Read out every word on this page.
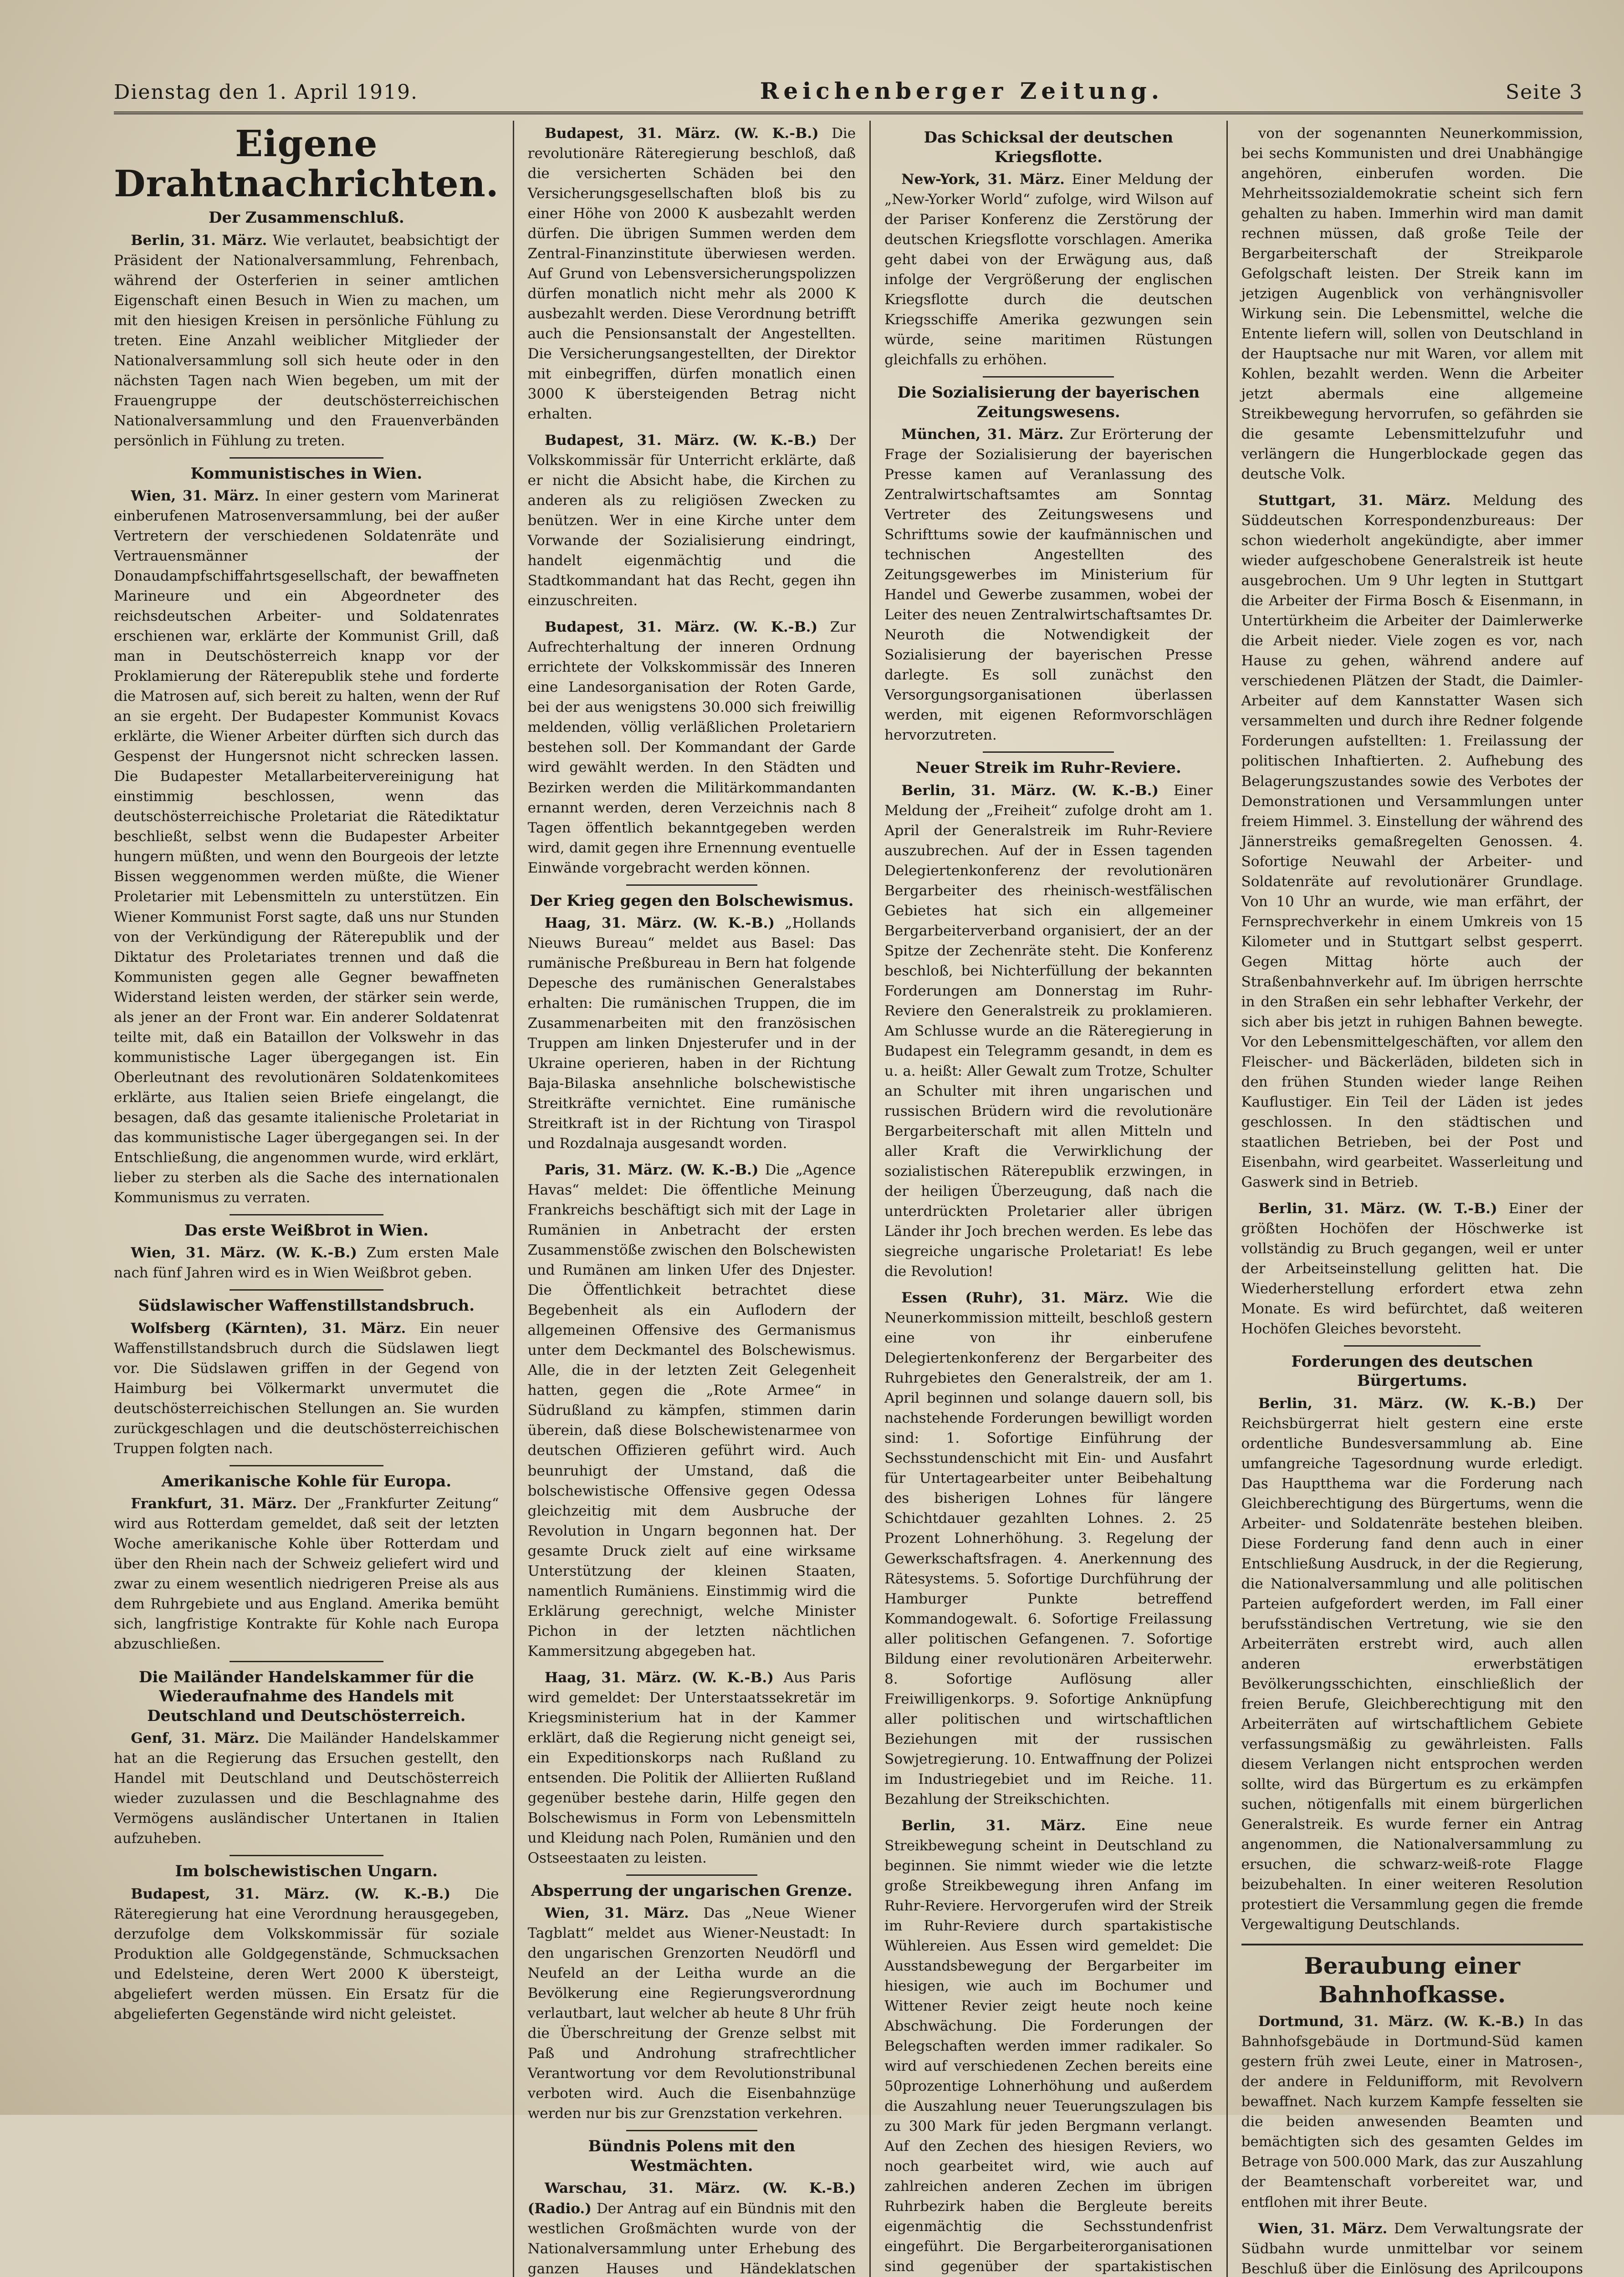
Dienstag den 1. April 1919.	Reichenberger Zeitung.	Seite 3
Eigene Drahtnachrichten.
Der Zusammenschluß.

Berlin, 31. März. Wie verlautet, beabsichtigt der Präsident der Nationalversammlung, Fehrenbach, während der Osterferien in seiner amtlichen Eigenschaft einen Besuch in Wien zu machen, um mit den hiesigen Kreisen in persönliche Fühlung zu treten. Eine Anzahl weiblicher Mitglieder der Nationalversammlung soll sich heute oder in den nächsten Tagen nach Wien begeben, um mit der Frauengruppe der deutschösterreichischen Nationalversammlung und den Frauenverbänden persönlich in Fühlung zu treten.

Kommunistisches in Wien.

Wien, 31. März. In einer gestern vom Marinerat einberufenen Matrosenversammlung, bei der außer Vertretern der verschiedenen Soldatenräte und Vertrauensmänner der Donaudampfschiffahrtsgesellschaft, der bewaffneten Marineure und ein Abgeordneter des reichsdeutschen Arbeiter- und Soldatenrates erschienen war, erklärte der Kommunist Grill, daß man in Deutschösterreich knapp vor der Proklamierung der Räterepublik stehe und forderte die Matrosen auf, sich bereit zu halten, wenn der Ruf an sie ergeht. Der Budapester Kommunist Kovacs erklärte, die Wiener Arbeiter dürften sich durch das Gespenst der Hungersnot nicht schrecken lassen. Die Budapester Metallarbeitervereinigung hat einstimmig beschlossen, wenn das deutschösterreichische Proletariat die Rätediktatur beschließt, selbst wenn die Budapester Arbeiter hungern müßten, und wenn den Bourgeois der letzte Bissen weggenommen werden müßte, die Wiener Proletarier mit Lebensmitteln zu unterstützen. Ein Wiener Kommunist Forst sagte, daß uns nur Stunden von der Verkündigung der Räterepublik und der Diktatur des Proletariates trennen und daß die Kommunisten gegen alle Gegner bewaffneten Widerstand leisten werden, der stärker sein werde, als jener an der Front war. Ein anderer Soldatenrat teilte mit, daß ein Bataillon der Volkswehr in das kommunistische Lager übergegangen ist. Ein Oberleutnant des revolutionären Soldatenkomitees erklärte, aus Italien seien Briefe eingelangt, die besagen, daß das gesamte italienische Proletariat in das kommunistische Lager übergegangen sei. In der Entschließung, die angenommen wurde, wird erklärt, lieber zu sterben als die Sache des internationalen Kommunismus zu verraten.

Das erste Weißbrot in Wien.

Wien, 31. März. (W. K.-B.) Zum ersten Male nach fünf Jahren wird es in Wien Weißbrot geben.

Südslawischer Waffenstillstandsbruch.

Wolfsberg (Kärnten), 31. März. Ein neuer Waffenstillstandsbruch durch die Südslawen liegt vor. Die Südslawen griffen in der Gegend von Haimburg bei Völkermarkt unvermutet die deutschösterreichischen Stellungen an. Sie wurden zurückgeschlagen und die deutschösterreichischen Truppen folgten nach.

Amerikanische Kohle für Europa.

Frankfurt, 31. März. Der „Frankfurter Zeitung“ wird aus Rotterdam gemeldet, daß seit der letzten Woche amerikanische Kohle über Rotterdam und über den Rhein nach der Schweiz geliefert wird und zwar zu einem wesentlich niedrigeren Preise als aus dem Ruhrgebiete und aus England. Amerika bemüht sich, langfristige Kontrakte für Kohle nach Europa abzuschließen.

Die Mailänder Handelskammer für die Wiederaufnahme des Handels mit Deutschland und Deutschösterreich.

Genf, 31. März. Die Mailänder Handelskammer hat an die Regierung das Ersuchen gestellt, den Handel mit Deutschland und Deutschösterreich wieder zuzulassen und die Beschlagnahme des Vermögens ausländischer Untertanen in Italien aufzuheben.

Im bolschewistischen Ungarn.

Budapest, 31. März. (W. K.-B.) Die Räteregierung hat eine Verordnung herausgegeben, derzufolge dem Volkskommissär für soziale Produktion alle Goldgegenstände, Schmucksachen und Edelsteine, deren Wert 2000 K übersteigt, abgeliefert werden müssen. Ein Ersatz für die abgelieferten Gegenstände wird nicht geleistet.

Budapest, 31. März. (W. K.-B.) Die revolutionäre Räteregierung beschloß, daß die versicherten Schäden bei den Versicherungsgesellschaften bloß bis zu einer Höhe von 2000 K ausbezahlt werden dürfen. Die übrigen Summen werden dem Zentral-Finanzinstitute überwiesen werden. Auf Grund von Lebensversicherungspolizzen dürfen monatlich nicht mehr als 2000 K ausbezahlt werden. Diese Verordnung betrifft auch die Pensionsanstalt der Angestellten. Die Versicherungsangestellten, der Direktor mit einbegriffen, dürfen monatlich einen 3000 K übersteigenden Betrag nicht erhalten.

Budapest, 31. März. (W. K.-B.) Der Volkskommissär für Unterricht erklärte, daß er nicht die Absicht habe, die Kirchen zu anderen als zu religiösen Zwecken zu benützen. Wer in eine Kirche unter dem Vorwande der Sozialisierung eindringt, handelt eigenmächtig und die Stadtkommandant hat das Recht, gegen ihn einzuschreiten.

Budapest, 31. März. (W. K.-B.) Zur Aufrechterhaltung der inneren Ordnung errichtete der Volkskommissär des Inneren eine Landesorganisation der Roten Garde, bei der aus wenigstens 30.000 sich freiwillig meldenden, völlig verläßlichen Proletariern bestehen soll. Der Kommandant der Garde wird gewählt werden. In den Städten und Bezirken werden die Militärkommandanten ernannt werden, deren Verzeichnis nach 8 Tagen öffentlich bekanntgegeben werden wird, damit gegen ihre Ernennung eventuelle Einwände vorgebracht werden können.

Der Krieg gegen den Bolschewismus.

Haag, 31. März. (W. K.-B.) „Hollands Nieuws Bureau“ meldet aus Basel: Das rumänische Preßbureau in Bern hat folgende Depesche des rumänischen Generalstabes erhalten: Die rumänischen Truppen, die im Zusammenarbeiten mit den französischen Truppen am linken Dnjesterufer und in der Ukraine operieren, haben in der Richtung Baja-Bilaska ansehnliche bolschewistische Streitkräfte vernichtet. Eine rumänische Streitkraft ist in der Richtung von Tiraspol und Rozdalnaja ausgesandt worden.

Paris, 31. März. (W. K.-B.) Die „Agence Havas“ meldet: Die öffentliche Meinung Frankreichs beschäftigt sich mit der Lage in Rumänien in Anbetracht der ersten Zusammenstöße zwischen den Bolschewisten und Rumänen am linken Ufer des Dnjester. Die Öffentlichkeit betrachtet diese Begebenheit als ein Auflodern der allgemeinen Offensive des Germanismus unter dem Deckmantel des Bolschewismus. Alle, die in der letzten Zeit Gelegenheit hatten, gegen die „Rote Armee“ in Südrußland zu kämpfen, stimmen darin überein, daß diese Bolschewistenarmee von deutschen Offizieren geführt wird. Auch beunruhigt der Umstand, daß die bolschewistische Offensive gegen Odessa gleichzeitig mit dem Ausbruche der Revolution in Ungarn begonnen hat. Der gesamte Druck zielt auf eine wirksame Unterstützung der kleinen Staaten, namentlich Rumäniens. Einstimmig wird die Erklärung gerechnigt, welche Minister Pichon in der letzten nächtlichen Kammersitzung abgegeben hat.

Haag, 31. März. (W. K.-B.) Aus Paris wird gemeldet: Der Unterstaatssekretär im Kriegsministerium hat in der Kammer erklärt, daß die Regierung nicht geneigt sei, ein Expeditionskorps nach Rußland zu entsenden. Die Politik der Alliierten Rußland gegenüber bestehe darin, Hilfe gegen den Bolschewismus in Form von Lebensmitteln und Kleidung nach Polen, Rumänien und den Ostseestaaten zu leisten.

Absperrung der ungarischen Grenze.

Wien, 31. März. Das „Neue Wiener Tagblatt“ meldet aus Wiener-Neustadt: In den ungarischen Grenzorten Neudörfl und Neufeld an der Leitha wurde an die Bevölkerung eine Regierungsverordnung verlautbart, laut welcher ab heute 8 Uhr früh die Überschreitung der Grenze selbst mit Paß und Androhung strafrechtlicher Verantwortung vor dem Revolutionstribunal verboten wird. Auch die Eisenbahnzüge werden nur bis zur Grenzstation verkehren.

Bündnis Polens mit den Westmächten.

Warschau, 31. März. (W. K.-B.) (Radio.) Der Antrag auf ein Bündnis mit den westlichen Großmächten wurde von der Nationalversammlung unter Erhebung des ganzen Hauses und Händeklatschen

Das Schicksal der deutschen Kriegsflotte.

New-York, 31. März. Einer Meldung der „New-Yorker World“ zufolge, wird Wilson auf der Pariser Konferenz die Zerstörung der deutschen Kriegsflotte vorschlagen. Amerika geht dabei von der Erwägung aus, daß infolge der Vergrößerung der englischen Kriegsflotte durch die deutschen Kriegsschiffe Amerika gezwungen sein würde, seine maritimen Rüstungen gleichfalls zu erhöhen.

Die Sozialisierung der bayerischen Zeitungswesens.

München, 31. März. Zur Erörterung der Frage der Sozialisierung der bayerischen Presse kamen auf Veranlassung des Zentralwirtschaftsamtes am Sonntag Vertreter des Zeitungswesens und Schrifttums sowie der kaufmännischen und technischen Angestellten des Zeitungsgewerbes im Ministerium für Handel und Gewerbe zusammen, wobei der Leiter des neuen Zentralwirtschaftsamtes Dr. Neuroth die Notwendigkeit der Sozialisierung der bayerischen Presse darlegte. Es soll zunächst den Versorgungsorganisationen überlassen werden, mit eigenen Reformvorschlägen hervorzutreten.

Neuer Streik im Ruhr-Reviere.

Berlin, 31. März. (W. K.-B.) Einer Meldung der „Freiheit“ zufolge droht am 1. April der Generalstreik im Ruhr-Reviere auszubrechen. Auf der in Essen tagenden Delegiertenkonferenz der revolutionären Bergarbeiter des rheinisch-westfälischen Gebietes hat sich ein allgemeiner Bergarbeiterverband organisiert, der an der Spitze der Zechenräte steht. Die Konferenz beschloß, bei Nichterfüllung der bekannten Forderungen am Donnerstag im Ruhr-Reviere den Generalstreik zu proklamieren. Am Schlusse wurde an die Räteregierung in Budapest ein Telegramm gesandt, in dem es u. a. heißt: Aller Gewalt zum Trotze, Schulter an Schulter mit ihren ungarischen und russischen Brüdern wird die revolutionäre Bergarbeiterschaft mit allen Mitteln und aller Kraft die Verwirklichung der sozialistischen Räterepublik erzwingen, in der heiligen Überzeugung, daß nach die unterdrückten Proletarier aller übrigen Länder ihr Joch brechen werden. Es lebe das siegreiche ungarische Proletariat! Es lebe die Revolution!

Essen (Ruhr), 31. März. Wie die Neunerkommission mitteilt, beschloß gestern eine von ihr einberufene Delegiertenkonferenz der Bergarbeiter des Ruhrgebietes den Generalstreik, der am 1. April beginnen und solange dauern soll, bis nachstehende Forderungen bewilligt worden sind: 1. Sofortige Einführung der Sechsstundenschicht mit Ein- und Ausfahrt für Untertagearbeiter unter Beibehaltung des bisherigen Lohnes für längere Schichtdauer gezahlten Lohnes. 2. 25 Prozent Lohnerhöhung. 3. Regelung der Gewerkschaftsfragen. 4. Anerkennung des Rätesystems. 5. Sofortige Durchführung der Hamburger Punkte betreffend Kommandogewalt. 6. Sofortige Freilassung aller politischen Gefangenen. 7. Sofortige Bildung einer revolutionären Arbeiterwehr. 8. Sofortige Auflösung aller Freiwilligenkorps. 9. Sofortige Anknüpfung aller politischen und wirtschaftlichen Beziehungen mit der russischen Sowjetregierung. 10. Entwaffnung der Polizei im Industriegebiet und im Reiche. 11. Bezahlung der Streikschichten.

Berlin, 31. März. Eine neue Streikbewegung scheint in Deutschland zu beginnen. Sie nimmt wieder wie die letzte große Streikbewegung ihren Anfang im Ruhr-Reviere. Hervorgerufen wird der Streik im Ruhr-Reviere durch spartakistische Wühlereien. Aus Essen wird gemeldet: Die Ausstandsbewegung der Bergarbeiter im hiesigen, wie auch im Bochumer und Wittener Revier zeigt heute noch keine Abschwächung. Die Forderungen der Belegschaften werden immer radikaler. So wird auf verschiedenen Zechen bereits eine 50prozentige Lohnerhöhung und außerdem die Auszahlung neuer Teuerungszulagen bis zu 300 Mark für jeden Bergmann verlangt. Auf den Zechen des hiesigen Reviers, wo noch gearbeitet wird, wie auch auf zahlreichen anderen Zechen im übrigen Ruhrbezirk haben die Bergleute bereits eigenmächtig die Sechsstundenfrist eingeführt. Die Bergarbeiterorganisationen sind gegenüber der spartakistischen

von der sogenannten Neunerkommission, bei sechs Kommunisten und drei Unabhängige angehören, einberufen worden. Die Mehrheitssozialdemokratie scheint sich fern gehalten zu haben. Immerhin wird man damit rechnen müssen, daß große Teile der Bergarbeiterschaft der Streikparole Gefolgschaft leisten. Der Streik kann im jetzigen Augenblick von verhängnisvoller Wirkung sein. Die Lebensmittel, welche die Entente liefern will, sollen von Deutschland in der Hauptsache nur mit Waren, vor allem mit Kohlen, bezahlt werden. Wenn die Arbeiter jetzt abermals eine allgemeine Streikbewegung hervorrufen, so gefährden sie die gesamte Lebensmittelzufuhr und verlängern die Hungerblockade gegen das deutsche Volk.

Stuttgart, 31. März. Meldung des Süddeutschen Korrespondenzbureaus: Der schon wiederholt angekündigte, aber immer wieder aufgeschobene Generalstreik ist heute ausgebrochen. Um 9 Uhr legten in Stuttgart die Arbeiter der Firma Bosch & Eisenmann, in Untertürkheim die Arbeiter der Daimlerwerke die Arbeit nieder. Viele zogen es vor, nach Hause zu gehen, während andere auf verschiedenen Plätzen der Stadt, die Daimler-Arbeiter auf dem Kannstatter Wasen sich versammelten und durch ihre Redner folgende Forderungen aufstellten: 1. Freilassung der politischen Inhaftierten. 2. Aufhebung des Belagerungszustandes sowie des Verbotes der Demonstrationen und Versammlungen unter freiem Himmel. 3. Einstellung der während des Jännerstreiks gemaßregelten Genossen. 4. Sofortige Neuwahl der Arbeiter- und Soldatenräte auf revolutionärer Grundlage. Von 10 Uhr an wurde, wie man erfährt, der Fernsprechverkehr in einem Umkreis von 15 Kilometer und in Stuttgart selbst gesperrt. Gegen Mittag hörte auch der Straßenbahnverkehr auf. Im übrigen herrschte in den Straßen ein sehr lebhafter Verkehr, der sich aber bis jetzt in ruhigen Bahnen bewegte. Vor den Lebensmittelgeschäften, vor allem den Fleischer- und Bäckerläden, bildeten sich in den frühen Stunden wieder lange Reihen Kauflustiger. Ein Teil der Läden ist jedes geschlossen. In den städtischen und staatlichen Betrieben, bei der Post und Eisenbahn, wird gearbeitet. Wasserleitung und Gaswerk sind in Betrieb.

Berlin, 31. März. (W. T.-B.) Einer der größten Hochöfen der Höschwerke ist vollständig zu Bruch gegangen, weil er unter der Arbeitseinstellung gelitten hat. Die Wiederherstellung erfordert etwa zehn Monate. Es wird befürchtet, daß weiteren Hochöfen Gleiches bevorsteht.

Forderungen des deutschen Bürgertums.

Berlin, 31. März. (W. K.-B.) Der Reichsbürgerrat hielt gestern eine erste ordentliche Bundesversammlung ab. Eine umfangreiche Tagesordnung wurde erledigt. Das Hauptthema war die Forderung nach Gleichberechtigung des Bürgertums, wenn die Arbeiter- und Soldatenräte bestehen bleiben. Diese Forderung fand denn auch in einer Entschließung Ausdruck, in der die Regierung, die Nationalversammlung und alle politischen Parteien aufgefordert werden, im Fall einer berufsständischen Vertretung, wie sie den Arbeiterräten erstrebt wird, auch allen anderen erwerbstätigen Bevölkerungsschichten, einschließlich der freien Berufe, Gleichberechtigung mit den Arbeiterräten auf wirtschaftlichem Gebiete verfassungsmäßig zu gewährleisten. Falls diesem Verlangen nicht entsprochen werden sollte, wird das Bürgertum es zu erkämpfen suchen, nötigenfalls mit einem bürgerlichen Generalstreik. Es wurde ferner ein Antrag angenommen, die Nationalversammlung zu ersuchen, die schwarz-weiß-rote Flagge beizubehalten. In einer weiteren Resolution protestiert die Versammlung gegen die fremde Vergewaltigung Deutschlands.

Beraubung einer Bahnhofkasse.

Dortmund, 31. März. (W. K.-B.) In das Bahnhofsgebäude in Dortmund-Süd kamen gestern früh zwei Leute, einer in Matrosen-, der andere in Feldunifform, mit Revolvern bewaffnet. Nach kurzem Kampfe fesselten sie die beiden anwesenden Beamten und bemächtigten sich des gesamten Geldes im Betrage von 500.000 Mark, das zur Auszahlung der Beamtenschaft vorbereitet war, und entflohen mit ihrer Beute.

Wien, 31. März. Dem Verwaltungsrate der Südbahn wurde unmittelbar vor seinem Beschluß über die Einlösung des Aprilcoupons
